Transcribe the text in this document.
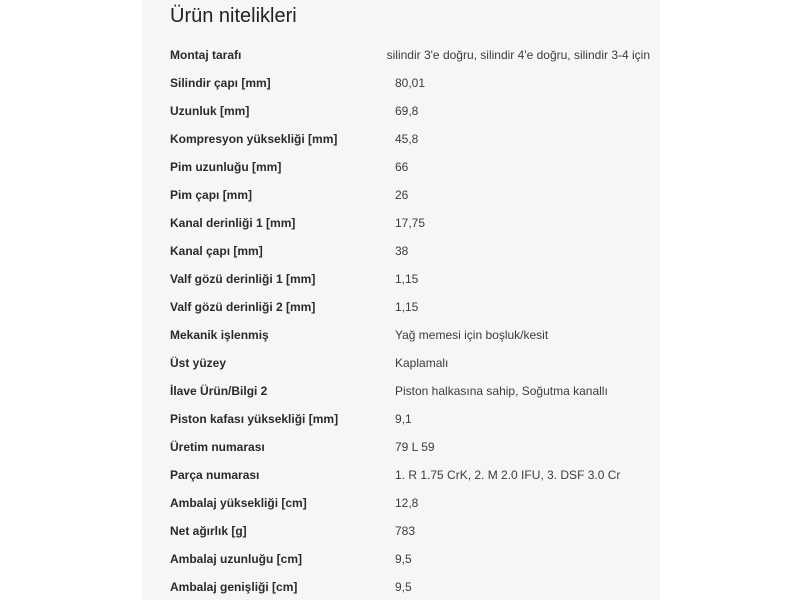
Ürün nitelikleri
Montaj tarafı	silindir 3'e doğru, silindir 4'e doğru, silindir 3-4 için
Silindir çapı [mm]	80,01
Uzunluk [mm]	69,8
Kompresyon yüksekliği [mm]	45,8
Pim uzunluğu [mm]	66
Pim çapı [mm]	26
Kanal derinliği 1 [mm]	17,75
Kanal çapı [mm]	38
Valf gözü derinliği 1 [mm]	1,15
Valf gözü derinliği 2 [mm]	1,15
Mekanik işlenmiş	Yağ memesi için boşluk/kesit
Üst yüzey	Kaplamalı
İlave Ürün/Bilgi 2	Piston halkasına sahip, Soğutma kanallı
Piston kafası yüksekliği [mm]	9,1
Üretim numarası	79 L 59
Parça numarası	1. R 1.75 CrK, 2. M 2.0 IFU, 3. DSF 3.0 Cr
Ambalaj yüksekliği [cm]	12,8
Net ağırlık [g]	783
Ambalaj uzunluğu [cm]	9,5
Ambalaj genişliği [cm]	9,5
